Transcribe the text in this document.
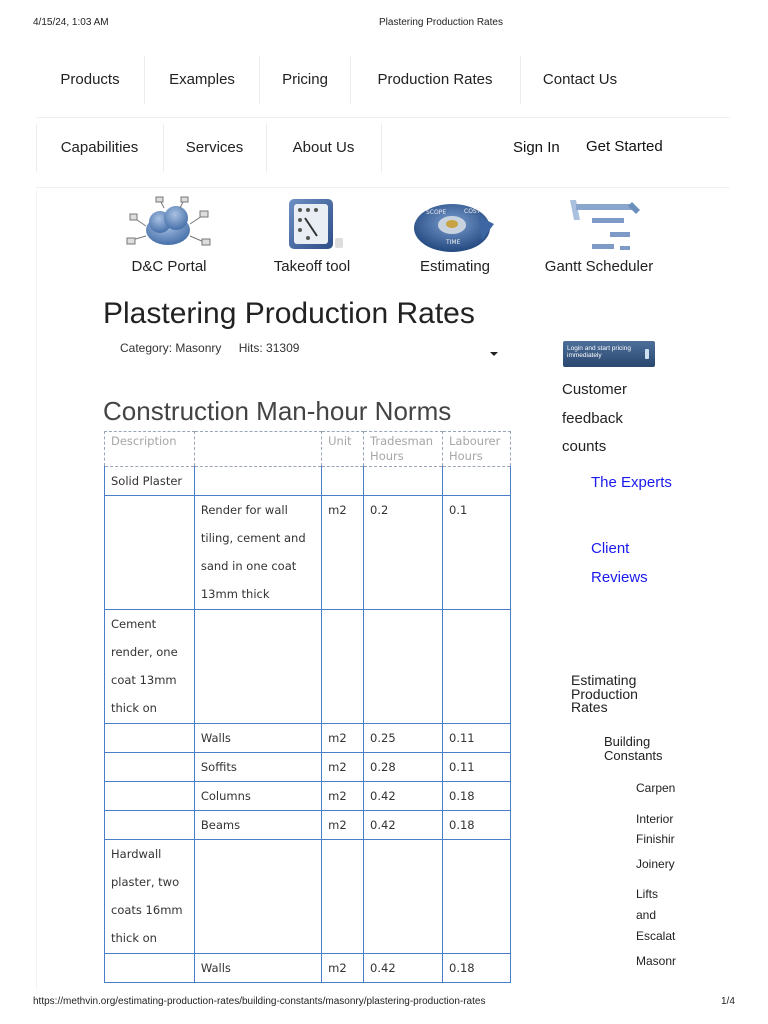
4/15/24, 1:03 AM	Plastering Production Rates
Products	Examples	Pricing	Production Rates	Contact Us
Capabilities	Services	About Us	Sign In Get Started
D&C Portal	Takeoff tool
SCOPE	COST
TIME
Estimating	Gantt Scheduler
Plastering Production Rates
Category: Masonry Hits: 31309
Construction Man-hour Norms
Description		Unit	Tradesman Hours	Labourer Hours
Solid Plaster				
	Render for wall tiling, cement and sand in one coat 13mm thick	m2	0.2	0.1
Cement render, one coat 13mm thick on				
	Walls	m2	0.25	0.11
	Soffits	m2	0.28	0.11
	Columns	m2	0.42	0.18
	Beams	m2	0.42	0.18
Hardwall plaster, two coats 16mm thick on				
	Walls	m2	0.42	0.18
Login and start pricing immediately
Customer feedback counts
The Experts
Client Reviews
Estimating Production Rates
Building Constants
Carpen
Interior Finishir
Joinery
Lifts and Escalat
Masonr
https://methvin.org/estimating-production-rates/building-constants/masonry/plastering-production-rates	1/4
